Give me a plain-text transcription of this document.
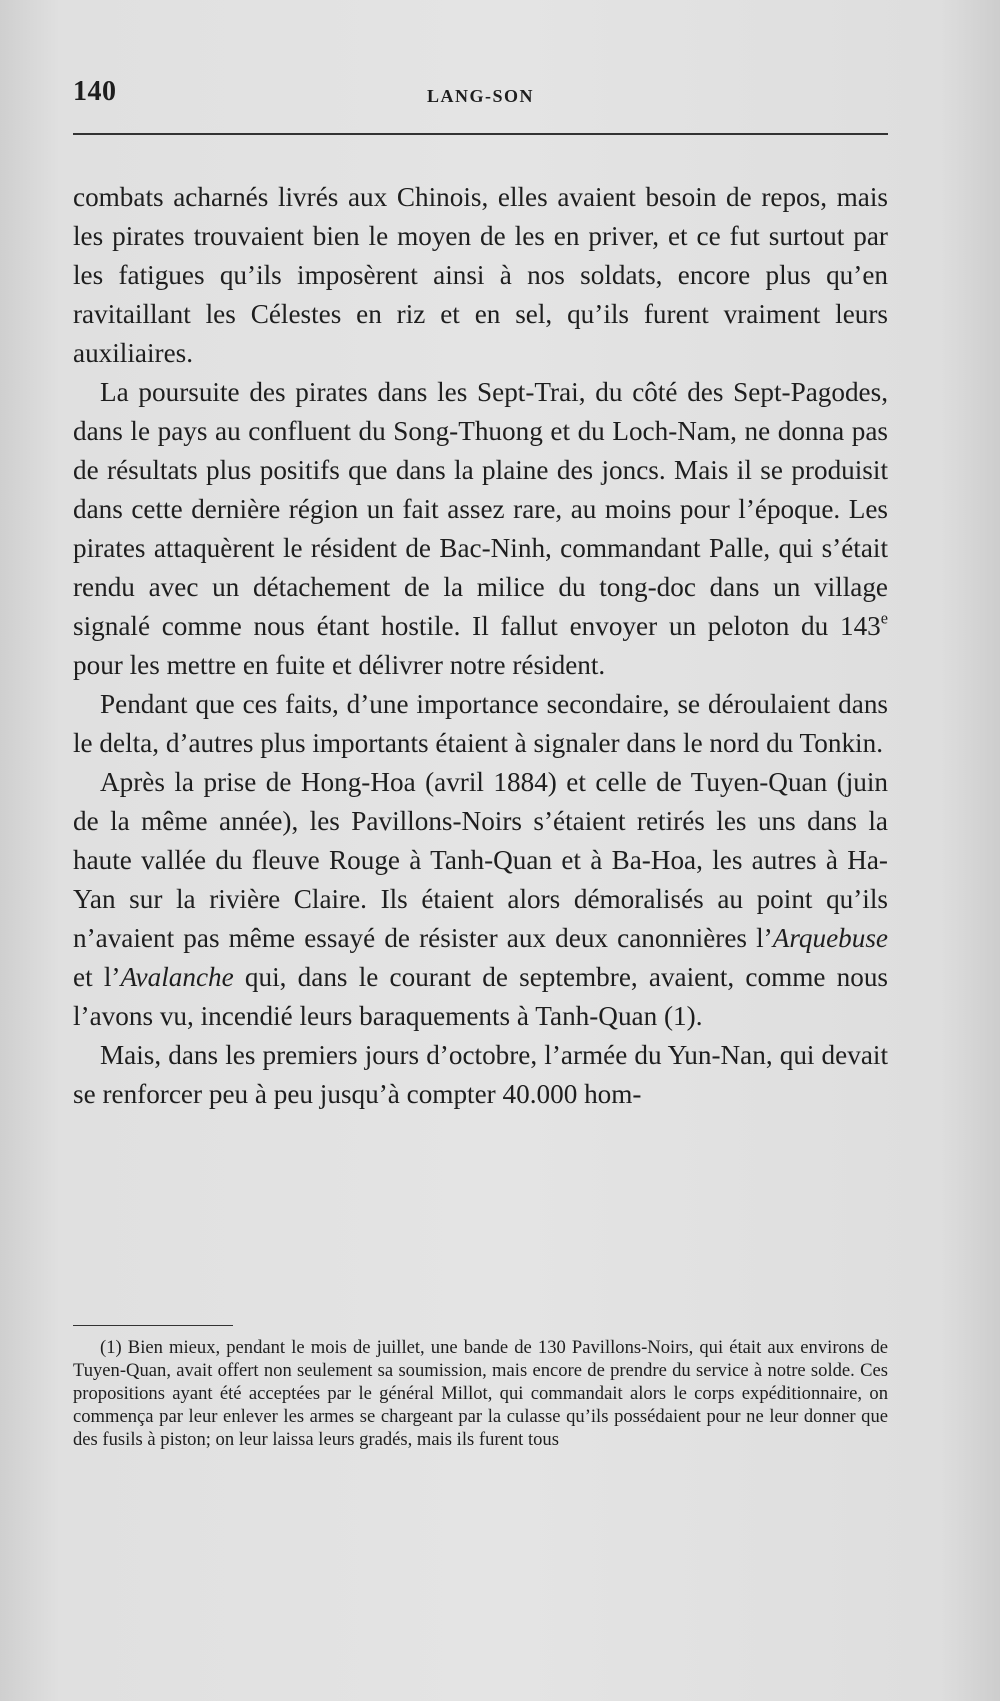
140	LANG-SON

combats acharnés livrés aux Chinois, elles avaient besoin de repos, mais les pirates trouvaient bien le moyen de les en priver, et ce fut surtout par les fatigues qu’ils imposèrent ainsi à nos soldats, encore plus qu’en ravitaillant les Célestes en riz et en sel, qu’ils furent vraiment leurs auxiliaires.

La poursuite des pirates dans les Sept-Trai, du côté des Sept-Pagodes, dans le pays au confluent du Song-Thuong et du Loch-Nam, ne donna pas de résultats plus positifs que dans la plaine des joncs. Mais il se produisit dans cette dernière région un fait assez rare, au moins pour l’époque. Les pirates attaquèrent le résident de Bac-Ninh, commandant Palle, qui s’était rendu avec un détachement de la milice du tong-doc dans un village signalé comme nous étant hostile. Il fallut envoyer un peloton du 143e pour les mettre en fuite et délivrer notre résident.

Pendant que ces faits, d’une importance secondaire, se déroulaient dans le delta, d’autres plus importants étaient à signaler dans le nord du Tonkin.

Après la prise de Hong-Hoa (avril 1884) et celle de Tuyen-Quan (juin de la même année), les Pavillons-Noirs s’étaient retirés les uns dans la haute vallée du fleuve Rouge à Tanh-Quan et à Ba-Hoa, les autres à Ha-Yan sur la rivière Claire. Ils étaient alors démoralisés au point qu’ils n’avaient pas même essayé de résister aux deux canonnières l’Arquebuse et l’Avalanche qui, dans le courant de septembre, avaient, comme nous l’avons vu, incendié leurs baraquements à Tanh-Quan (1).

Mais, dans les premiers jours d’octobre, l’armée du Yun-Nan, qui devait se renforcer peu à peu jusqu’à compter 40.000 hom-

(1) Bien mieux, pendant le mois de juillet, une bande de 130 Pavillons-Noirs, qui était aux environs de Tuyen-Quan, avait offert non seulement sa soumission, mais encore de prendre du service à notre solde. Ces propositions ayant été acceptées par le général Millot, qui commandait alors le corps expéditionnaire, on commença par leur enlever les armes se chargeant par la culasse qu’ils possédaient pour ne leur donner que des fusils à piston; on leur laissa leurs gradés, mais ils furent tous
